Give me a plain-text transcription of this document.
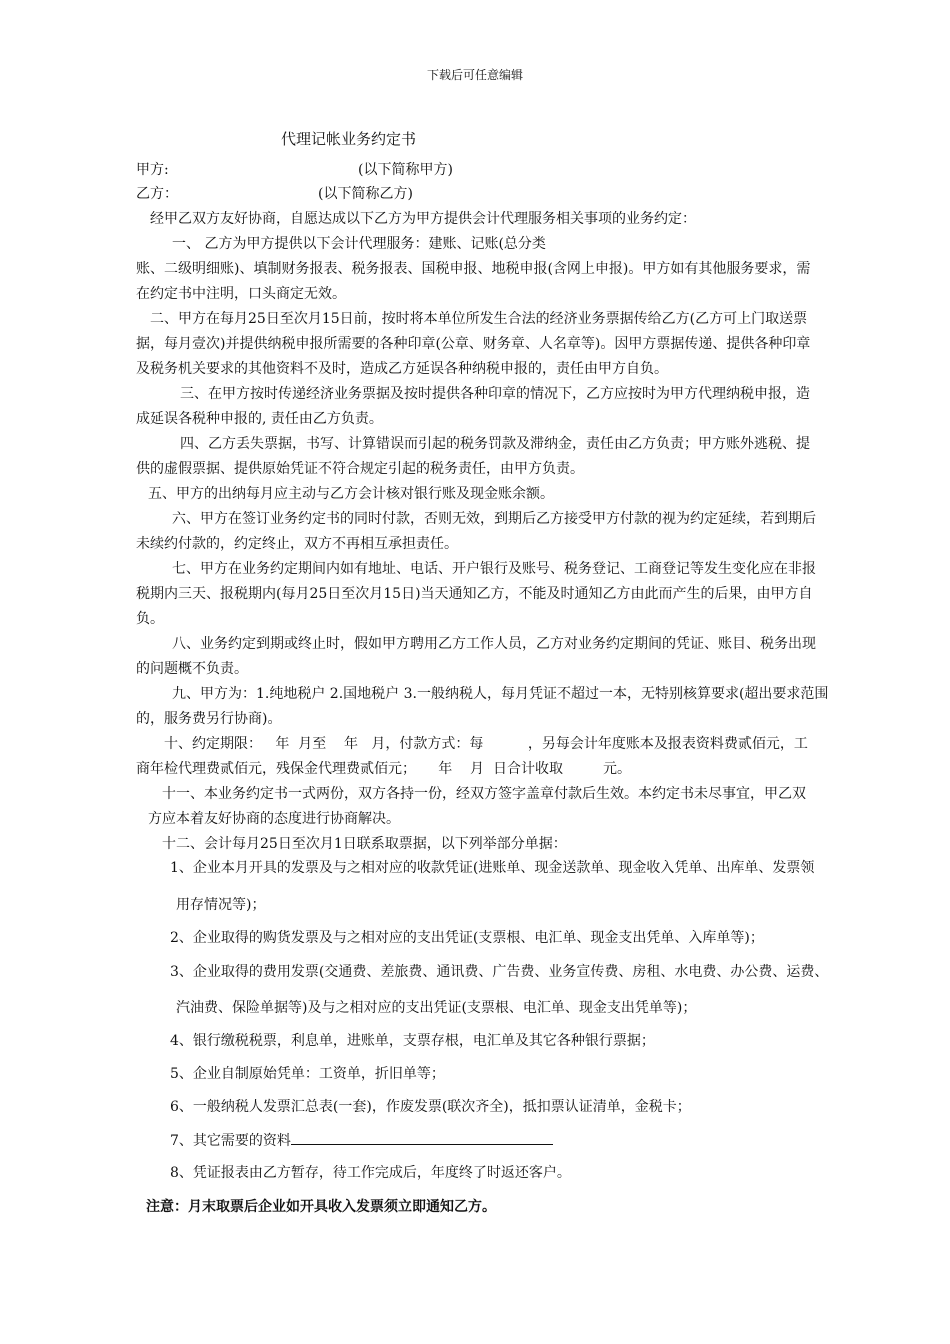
下载后可任意编辑
代理记帐业务约定书
甲方:	(以下简称甲方)
乙方：	(以下简称乙方)
经甲乙双方友好协商，自愿达成以下乙方为甲方提供会计代理服务相关事项的业务约定：
一、 乙方为甲方提供以下会计代理服务：建账、记账(总分类
账、二级明细账)、填制财务报表、税务报表、国税申报、地税申报(含网上申报)。甲方如有其他服务要求，需
在约定书中注明，口头商定无效。
二、甲方在每月25日至次月15日前，按时将本单位所发生合法的经济业务票据传给乙方(乙方可上门取送票
据，每月壹次)并提供纳税申报所需要的各种印章(公章、财务章、人名章等)。因甲方票据传递、提供各种印章
及税务机关要求的其他资料不及时，造成乙方延误各种纳税申报的，责任由甲方自负。
三、在甲方按时传递经济业务票据及按时提供各种印章的情况下，乙方应按时为甲方代理纳税申报，造
成延误各税种申报的, 责任由乙方负责。
四、乙方丢失票据，书写、计算错误而引起的税务罚款及滞纳金，责任由乙方负责；甲方账外逃税、提
供的虚假票据、提供原始凭证不符合规定引起的税务责任，由甲方负责。
五、甲方的出纳每月应主动与乙方会计核对银行账及现金账余额。
六、甲方在签订业务约定书的同时付款，否则无效，到期后乙方接受甲方付款的视为约定延续，若到期后
未续约付款的，约定终止，双方不再相互承担责任。
七、甲方在业务约定期间内如有地址、电话、开户银行及账号、税务登记、工商登记等发生变化应在非报
税期内三天、报税期内(每月25日至次月15日)当天通知乙方，不能及时通知乙方由此而产生的后果，由甲方自
负。
八、业务约定到期或终止时，假如甲方聘用乙方工作人员，乙方对业务约定期间的凭证、账目、税务出现
的问题概不负责。
九、甲方为：1.纯地税户 2.国地税户 3.一般纳税人，每月凭证不超过一本，无特别核算要求(超出要求范围
的，服务费另行协商)。
十、约定期限：   年  月至    年   月，付款方式：每          ，另每会计年度账本及报表资料费贰佰元，工
商年检代理费贰佰元，残保金代理费贰佰元；     年    月  日合计收取         元。
十一、本业务约定书一式两份，双方各持一份，经双方签字盖章付款后生效。本约定书未尽事宜，甲乙双
方应本着友好协商的态度进行协商解决。
十二、会计每月25日至次月1日联系取票据，以下列举部分单据：
1、企业本月开具的发票及与之相对应的收款凭证(进账单、现金送款单、现金收入凭单、出库单、发票领
用存情况等)；
2、企业取得的购货发票及与之相对应的支出凭证(支票根、电汇单、现金支出凭单、入库单等)；
3、企业取得的费用发票(交通费、差旅费、通讯费、广告费、业务宣传费、房租、水电费、办公费、运费、
汽油费、保险单据等)及与之相对应的支出凭证(支票根、电汇单、现金支出凭单等)；
4、银行缴税税票，利息单，进账单，支票存根，电汇单及其它各种银行票据；
5、企业自制原始凭单：工资单，折旧单等；
6、一般纳税人发票汇总表(一套)，作废发票(联次齐全)，抵扣票认证清单，金税卡；
7、其它需要的资料
8、凭证报表由乙方暂存，待工作完成后，年度终了时返还客户。
注意：月末取票后企业如开具收入发票须立即通知乙方。
